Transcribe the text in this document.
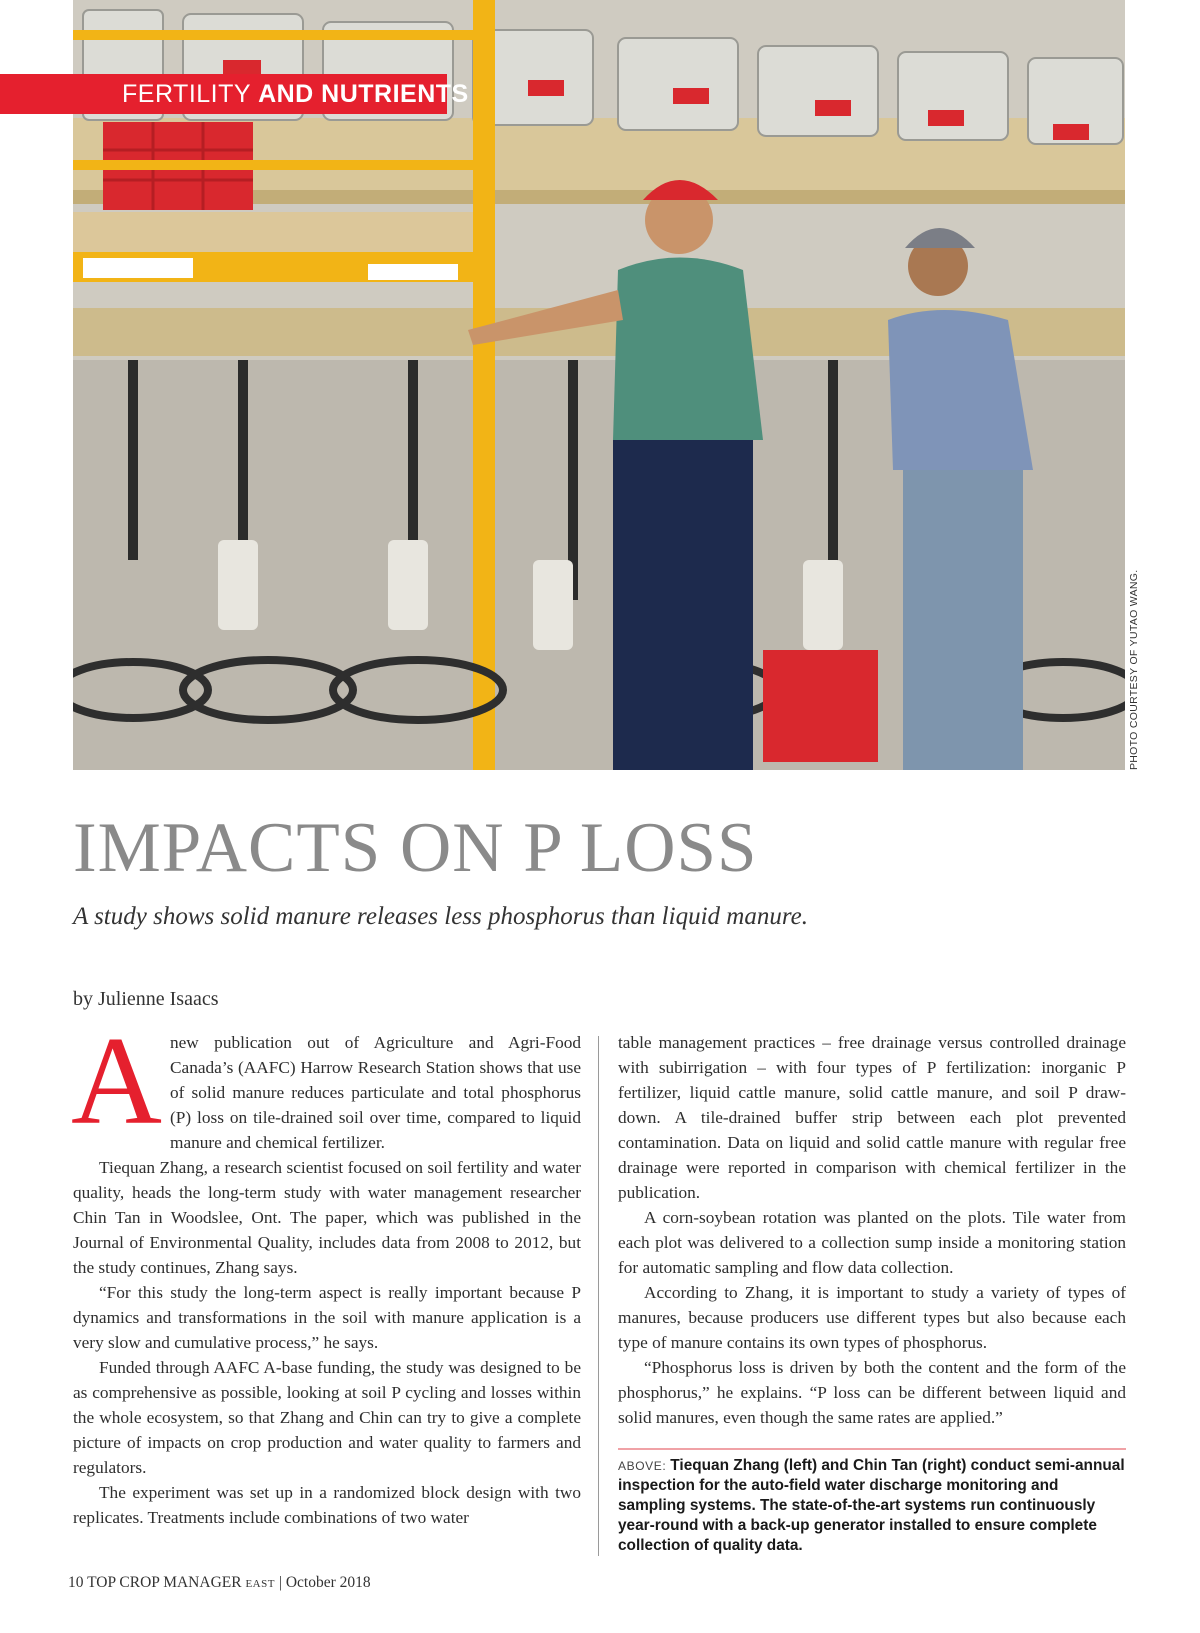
FERTILITY AND NUTRIENTS
PHOTO COURTESY OF YUTAO WANG.
IMPACTS ON P LOSS

A study shows solid manure releases less phosphorus than liquid manure.

by Julienne Isaacs

Anew publication out of Agriculture and Agri-Food Canada’s (AAFC) Harrow Research Station shows that use of solid manure reduces particulate and total phosphorus (P) loss on tile-drained soil over time, compared to liquid manure and chemical fertilizer.

Tiequan Zhang, a research scientist focused on soil fertility and water quality, heads the long-term study with water management researcher Chin Tan in Woodslee, Ont. The paper, which was published in the Journal of Environmental Quality, includes data from 2008 to 2012, but the study continues, Zhang says.

“For this study the long-term aspect is really important because P dynamics and transformations in the soil with manure application is a very slow and cumulative process,” he says.

Funded through AAFC A-base funding, the study was designed to be as comprehensive as possible, looking at soil P cycling and losses within the whole ecosystem, so that Zhang and Chin can try to give a complete picture of impacts on crop production and water quality to farmers and regulators.

The experiment was set up in a randomized block design with two replicates. Treatments include combinations of two water

table management practices – free drainage versus controlled drainage with subirrigation – with four types of P fertilization: inorganic P fertilizer, liquid cattle manure, solid cattle manure, and soil P draw-down. A tile-drained buffer strip between each plot prevented contamination. Data on liquid and solid cattle manure with regular free drainage were reported in comparison with chemical fertilizer in the publication.

A corn-soybean rotation was planted on the plots. Tile water from each plot was delivered to a collection sump inside a monitoring station for automatic sampling and flow data collection.

According to Zhang, it is important to study a variety of types of manures, because producers use different types but also because each type of manure contains its own types of phosphorus.

“Phosphorus loss is driven by both the content and the form of the phosphorus,” he explains. “P loss can be different between liquid and solid manures, even though the same rates are applied.”

ABOVE: Tiequan Zhang (left) and Chin Tan (right) conduct semi-annual inspection for the auto-field water discharge monitoring and sampling systems. The state-of-the-art systems run continuously year-round with a back-up generator installed to ensure complete collection of quality data.
10 TOP CROP MANAGER EAST | October 2018
